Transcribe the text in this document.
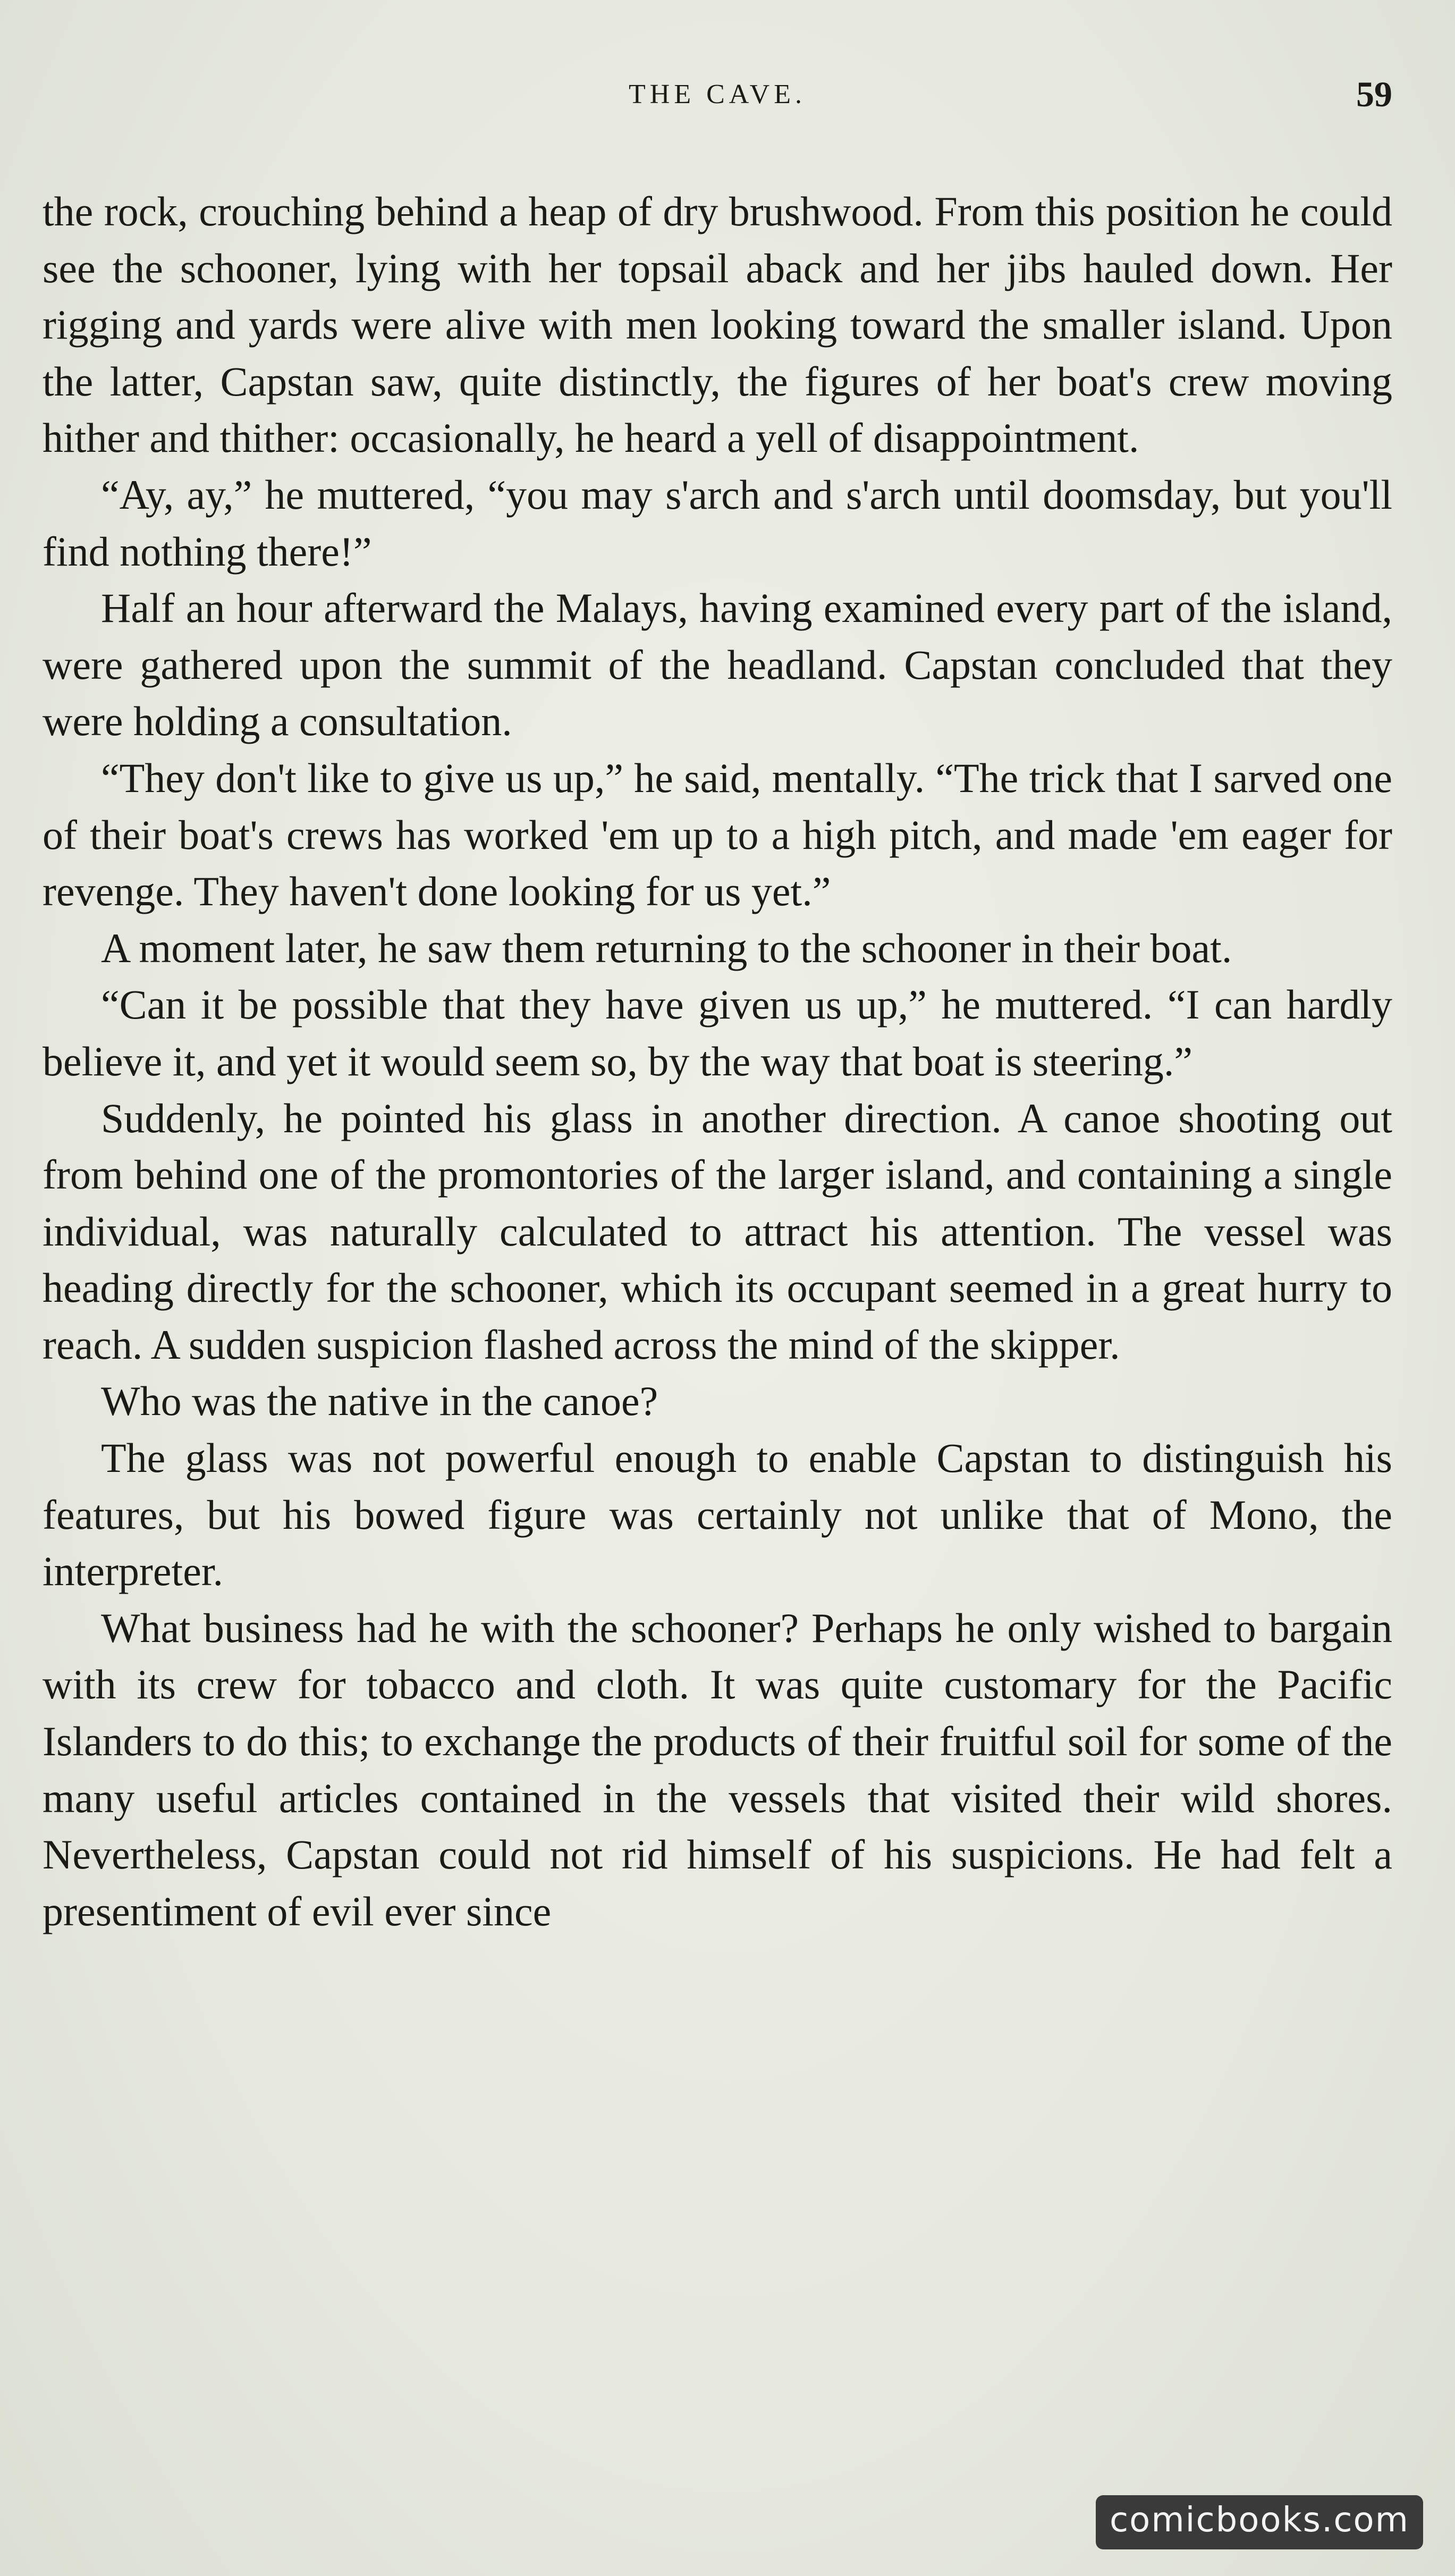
THE CAVE.	59

the rock, crouching behind a heap of dry brushwood. From this position he could see the schooner, lying with her topsail aback and her jibs hauled down. Her rigging and yards were alive with men looking toward the smaller island. Upon the latter, Capstan saw, quite distinctly, the figures of her boat's crew moving hither and thither: occasionally, he heard a yell of disappointment.

“Ay, ay,” he muttered, “you may s'arch and s'arch until doomsday, but you'll find nothing there!”

Half an hour afterward the Malays, having examined every part of the island, were gathered upon the summit of the headland. Capstan concluded that they were holding a consultation.

“They don't like to give us up,” he said, mentally. “The trick that I sarved one of their boat's crews has worked 'em up to a high pitch, and made 'em eager for revenge. They haven't done looking for us yet.”

A moment later, he saw them returning to the schooner in their boat.

“Can it be possible that they have given us up,” he muttered. “I can hardly believe it, and yet it would seem so, by the way that boat is steering.”

Suddenly, he pointed his glass in another direction. A canoe shooting out from behind one of the promontories of the larger island, and containing a single individual, was naturally calculated to attract his attention. The vessel was heading directly for the schooner, which its occupant seemed in a great hurry to reach. A sudden suspicion flashed across the mind of the skipper.

Who was the native in the canoe?

The glass was not powerful enough to enable Capstan to distinguish his features, but his bowed figure was certainly not unlike that of Mono, the interpreter.

What business had he with the schooner? Perhaps he only wished to bargain with its crew for tobacco and cloth. It was quite customary for the Pacific Islanders to do this; to exchange the products of their fruitful soil for some of the many useful articles contained in the vessels that visited their wild shores. Nevertheless, Capstan could not rid himself of his suspicions. He had felt a presentiment of evil ever since

comicbooks.com
